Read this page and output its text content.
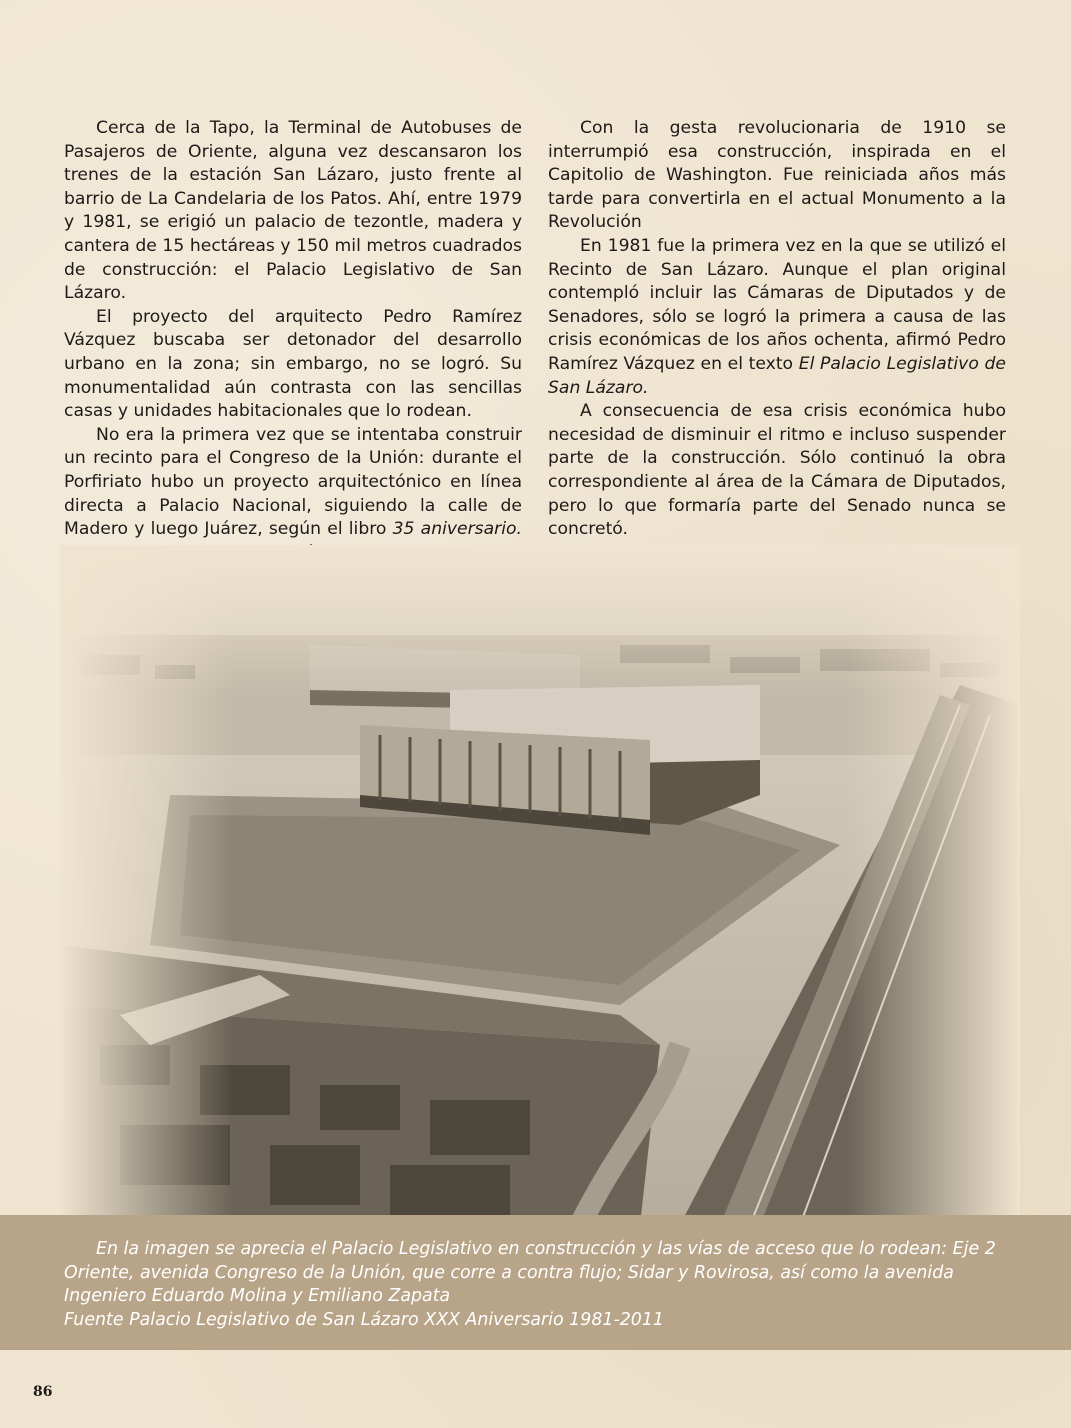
Cerca de la Tapo, la Terminal de Autobuses de Pasajeros de Oriente, alguna vez descansaron los trenes de la estación San Lázaro, justo frente al barrio de La Candelaria de los Patos. Ahí, entre 1979 y 1981, se erigió un palacio de tezontle, madera y cantera de 15 hectáreas y 150 mil metros cuadrados de construcción: el Palacio Legislativo de San Lázaro.

El proyecto del arquitecto Pedro Ramírez Vázquez buscaba ser detonador del desarrollo urbano en la zona; sin embargo, no se logró. Su monumentalidad aún contrasta con las sencillas casas y unidades habitacionales que lo rodean.

No era la primera vez que se intentaba construir un recinto para el Congreso de la Unión: durante el Porfiriato hubo un proyecto arquitectónico en línea directa a Palacio Nacional, siguiendo la calle de Madero y luego Juárez, según el libro 35 aniversario.

Con la gesta revolucionaria de 1910 se interrumpió esa construcción, inspirada en el Capitolio de Washington. Fue reiniciada años más tarde para convertirla en el actual Monumento a la Revolución

En 1981 fue la primera vez en la que se utilizó el Recinto de San Lázaro. Aunque el plan original contempló incluir las Cámaras de Diputados y de Senadores, sólo se logró la primera a causa de las crisis económicas de los años ochenta, afirmó Pedro Ramírez Vázquez en el texto El Palacio Legislativo de San Lázaro.

A consecuencia de esa crisis económica hubo necesidad de disminuir el ritmo e incluso suspender parte de la construcción. Sólo continuó la obra correspondiente al área de la Cámara de Diputados, pero lo que formaría parte del Senado nunca se concretó.

En la imagen se aprecia el Palacio Legislativo en construcción y las vías de acceso que lo rodean: Eje 2 Oriente, avenida Congreso de la Unión, que corre a contra flujo; Sidar y Rovirosa, así como la avenida Ingeniero Eduardo Molina y Emiliano Zapata
Fuente Palacio Legislativo de San Lázaro XXX Aniversario 1981-2011
86
